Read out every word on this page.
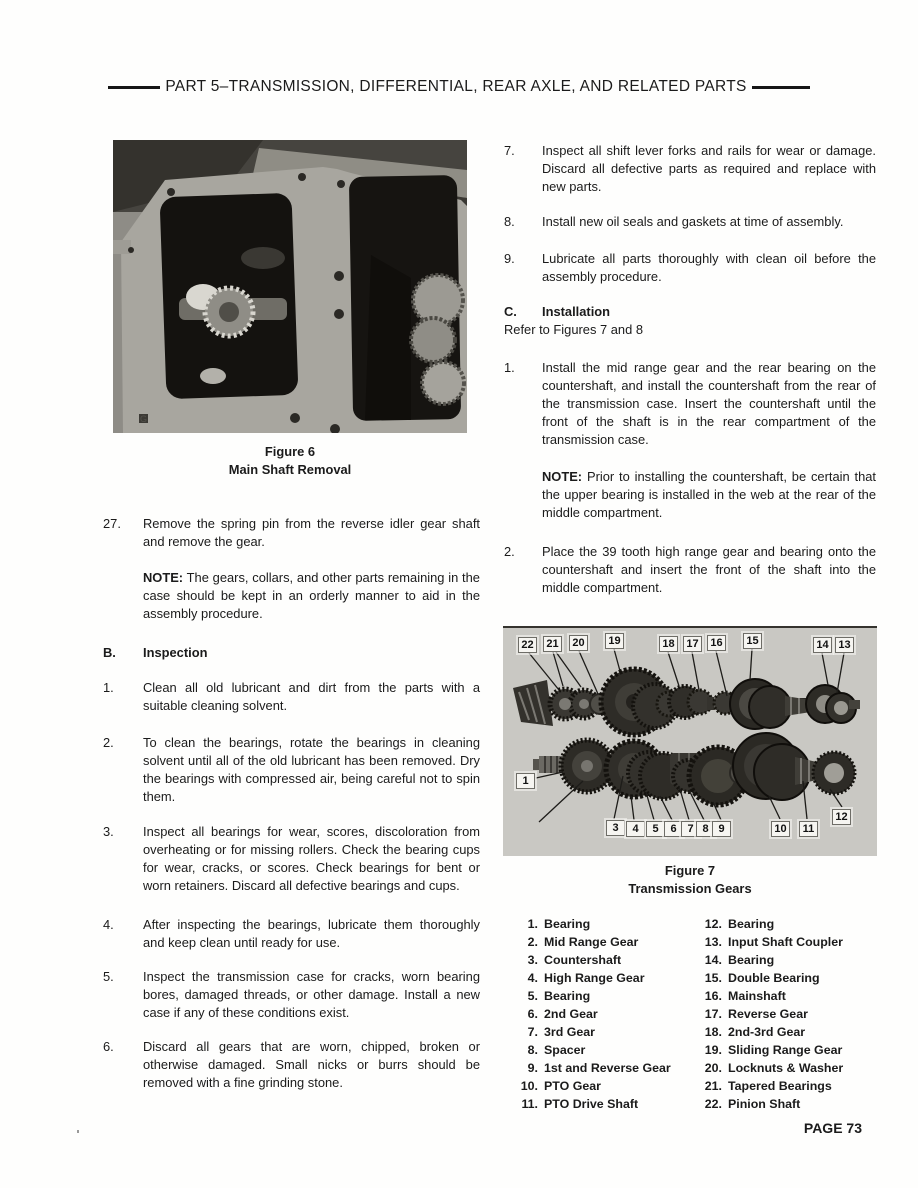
PART 5–TRANSMISSION, DIFFERENTIAL, REAR AXLE, AND RELATED PARTS
G
Figure 6
Main Shaft Removal
27.	Remove the spring pin from the reverse idler gear shaft and remove the gear.
NOTE: The gears, collars, and other parts remaining in the case should be kept in an orderly manner to aid in the assembly procedure.
B.	Inspection
1.	Clean all old lubricant and dirt from the parts with a suitable cleaning solvent.
2.	To clean the bearings, rotate the bearings in cleaning solvent until all of the old lubricant has been removed. Dry the bearings with compressed air, being careful not to spin them.
3.	Inspect all bearings for wear, scores, discoloration from overheating or for missing rollers. Check the bearing cups for wear, cracks, or scores. Check bearings for bent or worn retainers. Discard all defective bearings and cups.
4.	After inspecting the bearings, lubricate them thoroughly and keep clean until ready for use.
5.	Inspect the transmission case for cracks, worn bearing bores, damaged threads, or other damage. Install a new case if any of these conditions exist.
6.	Discard all gears that are worn, chipped, broken or otherwise damaged. Small nicks or burrs should be removed with a fine grinding stone.
7.	Inspect all shift lever forks and rails for wear or damage. Discard all defective parts as required and replace with new parts.
8.	Install new oil seals and gaskets at time of assembly.
9.	Lubricate all parts thoroughly with clean oil before the assembly procedure.
C.	Installation
Refer to Figures 7 and 8
1.	Install the mid range gear and the rear bearing on the countershaft, and install the countershaft from the rear of the transmission case. Insert the countershaft until the front of the shaft is in the rear compartment of the transmission case.
NOTE: Prior to installing the countershaft, be certain that the upper bearing is installed in the web at the rear of the middle compartment.
2.	Place the 39 tooth high range gear and bearing onto the countershaft and insert the front of the shaft into the middle compartment.
22	21	20	19	18	17	16	15	14 13
1
3	4	5	6 7 8 9	10	11
12
Figure 7
Transmission Gears
1. Bearing
2. Mid Range Gear
3. Countershaft
4. High Range Gear
5. Bearing
6. 2nd Gear
7. 3rd Gear
8. Spacer
9. 1st and Reverse Gear
10. PTO Gear
11. PTO Drive Shaft
12. Bearing
13. Input Shaft Coupler
14. Bearing
15. Double Bearing
16. Mainshaft
17. Reverse Gear
18. 2nd-3rd Gear
19. Sliding Range Gear
20. Locknuts & Washer
21. Tapered Bearings
22. Pinion Shaft
PAGE 73
